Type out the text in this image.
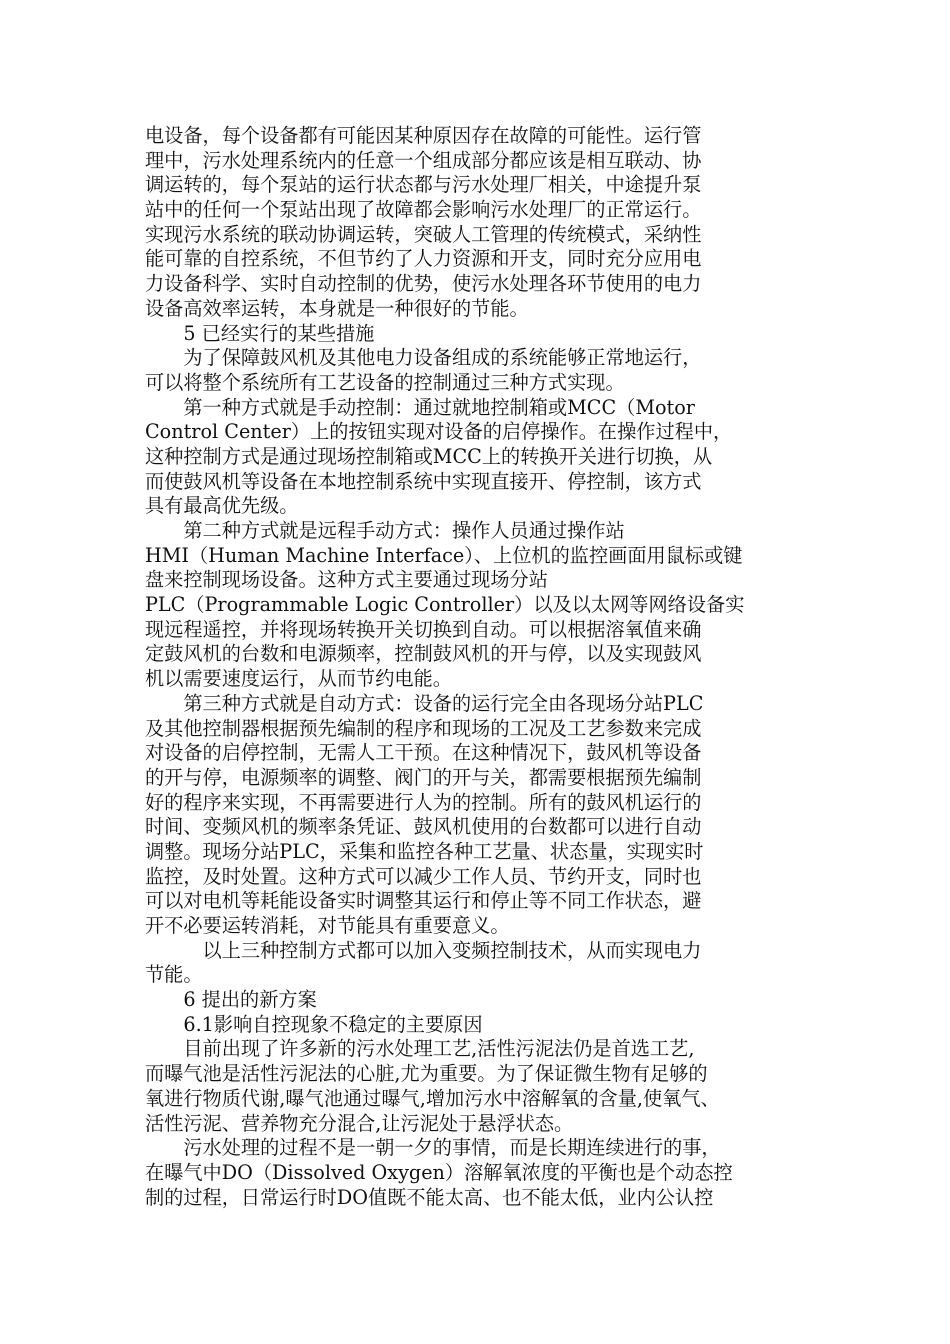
电设备，每个设备都有可能因某种原因存在故障的可能性。运行管
理中，污水处理系统内的任意一个组成部分都应该是相互联动、协
调运转的，每个泵站的运行状态都与污水处理厂相关，中途提升泵
站中的任何一个泵站出现了故障都会影响污水处理厂的正常运行。
实现污水系统的联动协调运转，突破人工管理的传统模式，采纳性
能可靠的自控系统，不但节约了人力资源和开支，同时充分应用电
力设备科学、实时自动控制的优势，使污水处理各环节使用的电力
设备高效率运转，本身就是一种很好的节能。
　　5 已经实行的某些措施
　　为了保障鼓风机及其他电力设备组成的系统能够正常地运行，
可以将整个系统所有工艺设备的控制通过三种方式实现。
　　第一种方式就是手动控制：通过就地控制箱或MCC（Motor
Control Center）上的按钮实现对设备的启停操作。在操作过程中，
这种控制方式是通过现场控制箱或MCC上的转换开关进行切换，从
而使鼓风机等设备在本地控制系统中实现直接开、停控制，该方式
具有最高优先级。
　　第二种方式就是远程手动方式：操作人员通过操作站
HMI（Human Machine Interface）、上位机的监控画面用鼠标或键
盘来控制现场设备。这种方式主要通过现场分站
PLC（Programmable Logic Controller）以及以太网等网络设备实
现远程遥控，并将现场转换开关切换到自动。可以根据溶氧值来确
定鼓风机的台数和电源频率，控制鼓风机的开与停，以及实现鼓风
机以需要速度运行，从而节约电能。
　　第三种方式就是自动方式：设备的运行完全由各现场分站PLC
及其他控制器根据预先编制的程序和现场的工况及工艺参数来完成
对设备的启停控制，无需人工干预。在这种情况下，鼓风机等设备
的开与停，电源频率的调整、阀门的开与关，都需要根据预先编制
好的程序来实现，不再需要进行人为的控制。所有的鼓风机运行的
时间、变频风机的频率条凭证、鼓风机使用的台数都可以进行自动
调整。现场分站PLC，采集和监控各种工艺量、状态量，实现实时
监控，及时处置。这种方式可以减少工作人员、节约开支，同时也
可以对电机等耗能设备实时调整其运行和停止等不同工作状态，避
开不必要运转消耗，对节能具有重要意义。
　　　以上三种控制方式都可以加入变频控制技术，从而实现电力
节能。
　　6 提出的新方案
　　6.1影响自控现象不稳定的主要原因
　　目前出现了许多新的污水处理工艺,活性污泥法仍是首选工艺,
而曝气池是活性污泥法的心脏,尤为重要。为了保证微生物有足够的
氧进行物质代谢,曝气池通过曝气,增加污水中溶解氧的含量,使氧气、
活性污泥、营养物充分混合,让污泥处于悬浮状态。
　　污水处理的过程不是一朝一夕的事情，而是长期连续进行的事，
在曝气中DO（Dissolved Oxygen）溶解氧浓度的平衡也是个动态控
制的过程，日常运行时DO值既不能太高、也不能太低，业内公认控
